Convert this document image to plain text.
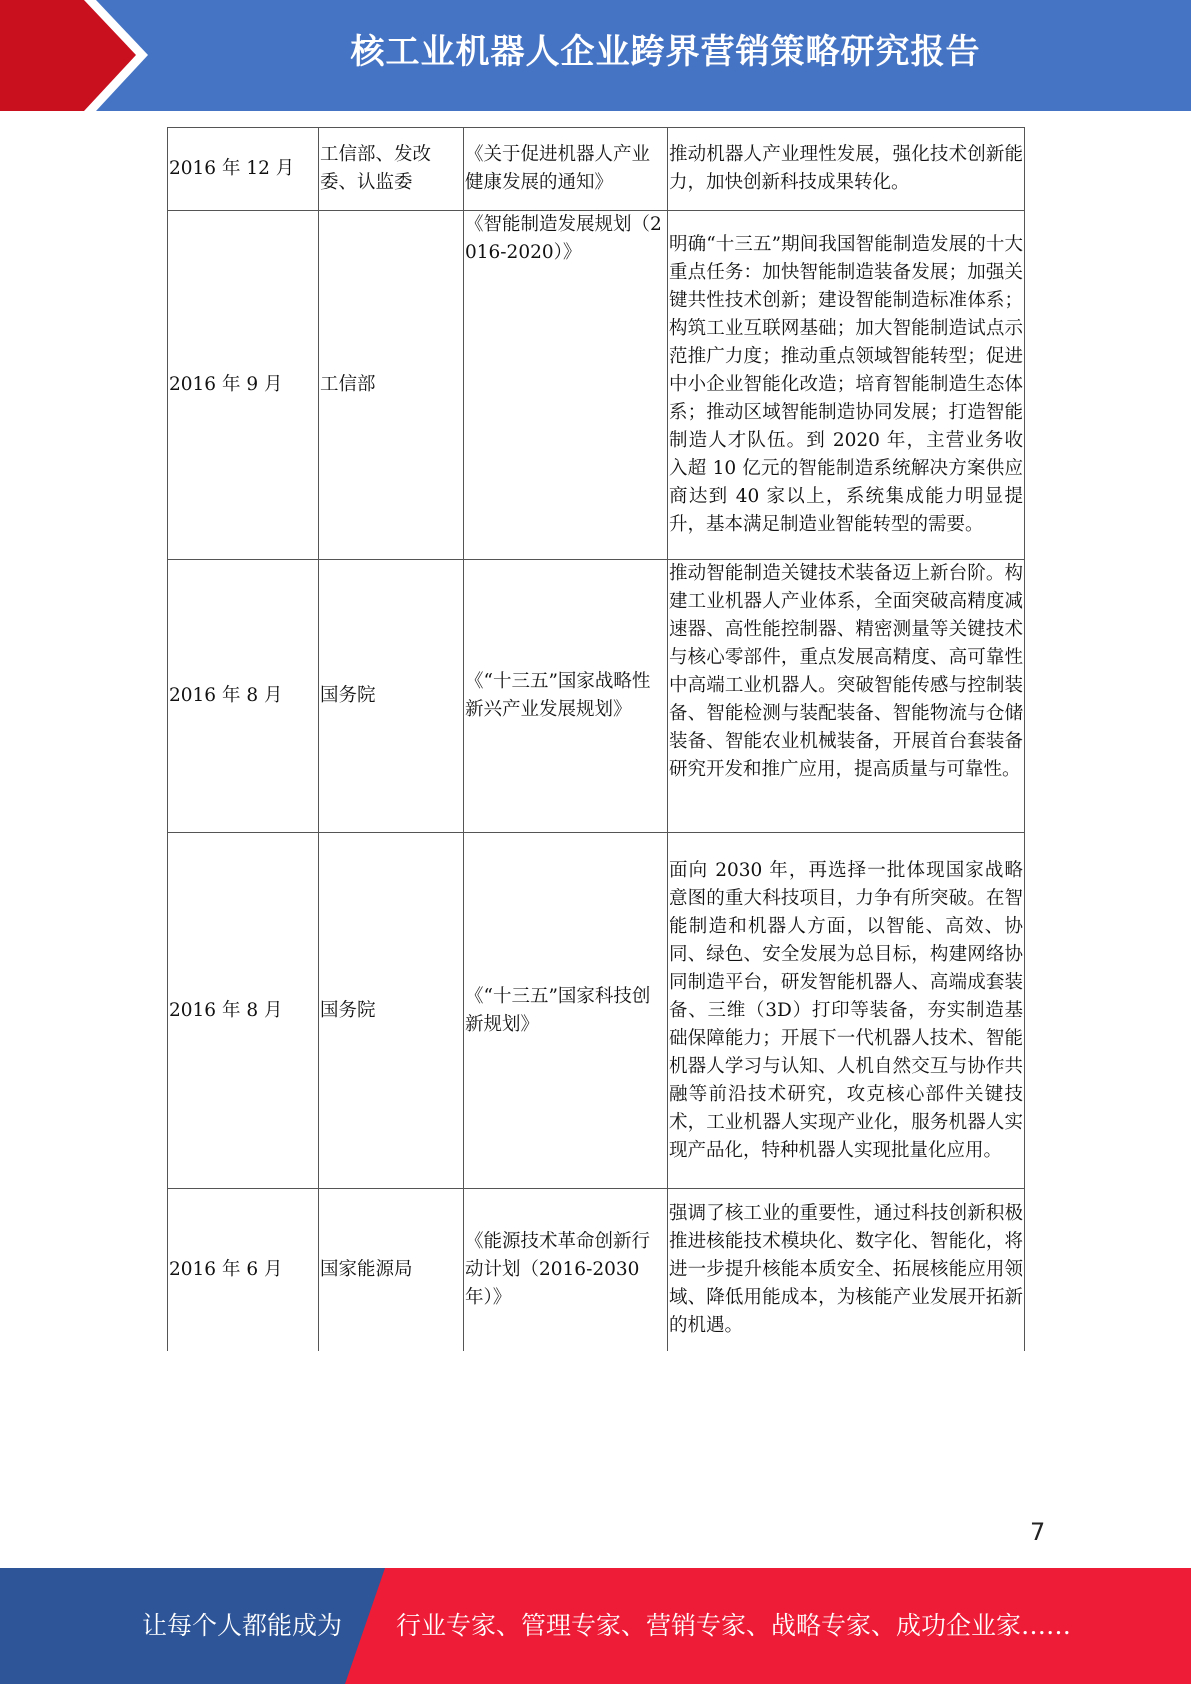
核工业机器人企业跨界营销策略研究报告
2016 年 12 月	工信部、发改委、认监委	《关于促进机器人产业健康发展的通知》	推动机器人产业理性发展，强化技术创新能力，加快创新科技成果转化。
2016 年 9 月	工信部	《智能制造发展规划（2016-2020）》	明确“十三五”期间我国智能制造发展的十大重点任务：加快智能制造装备发展；加强关键共性技术创新；建设智能制造标准体系；构筑工业互联网基础；加大智能制造试点示范推广力度；推动重点领域智能转型；促进中小企业智能化改造；培育智能制造生态体系；推动区域智能制造协同发展；打造智能制造人才队伍。到 2020 年，主营业务收入超 10 亿元的智能制造系统解决方案供应商达到 40 家以上，系统集成能力明显提升，基本满足制造业智能转型的需要。
2016 年 8 月	国务院	《“十三五”国家战略性新兴产业发展规划》	推动智能制造关键技术装备迈上新台阶。构建工业机器人产业体系，全面突破高精度减速器、高性能控制器、精密测量等关键技术与核心零部件，重点发展高精度、高可靠性中高端工业机器人。突破智能传感与控制装备、智能检测与装配装备、智能物流与仓储装备、智能农业机械装备，开展首台套装备研究开发和推广应用，提高质量与可靠性。
2016 年 8 月	国务院	《“十三五”国家科技创新规划》	面向 2030 年，再选择一批体现国家战略意图的重大科技项目，力争有所突破。在智能制造和机器人方面，以智能、高效、协同、绿色、安全发展为总目标，构建网络协同制造平台，研发智能机器人、高端成套装备、三维（3D）打印等装备，夯实制造基础保障能力；开展下一代机器人技术、智能机器人学习与认知、人机自然交互与协作共融等前沿技术研究，攻克核心部件关键技术，工业机器人实现产业化，服务机器人实现产品化，特种机器人实现批量化应用。
2016 年 6 月	国家能源局	《能源技术革命创新行动计划（2016-2030 年）》	强调了核工业的重要性，通过科技创新积极推进核能技术模块化、数字化、智能化，将进一步提升核能本质安全、拓展核能应用领域、降低用能成本，为核能产业发展开拓新的机遇。
7
让每个人都能成为 行业专家、管理专家、营销专家、战略专家、成功企业家……
